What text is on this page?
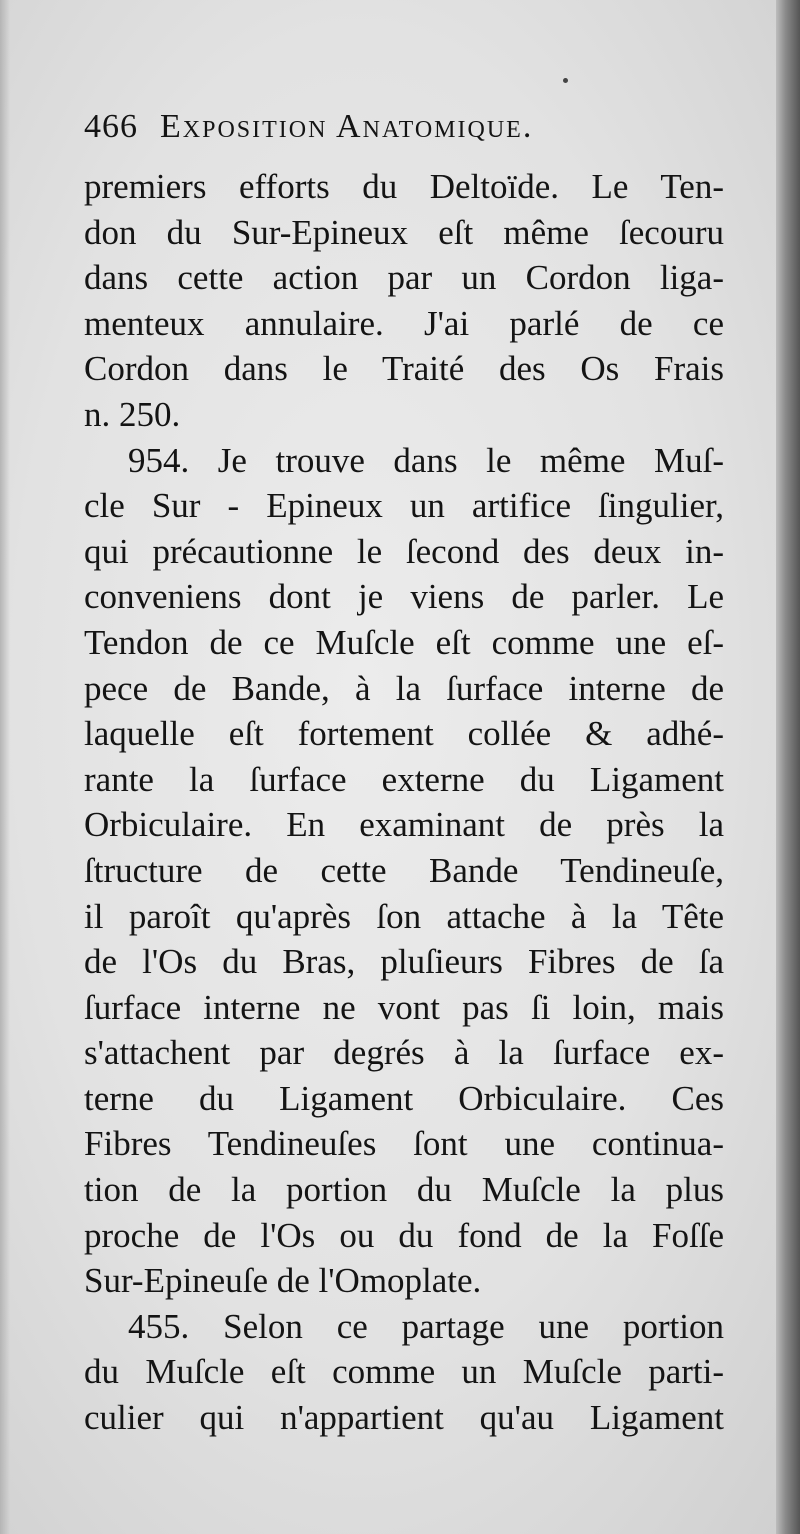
466 Exposition Anatomique.
premiers efforts du Deltoïde. Le Ten-
don du Sur-Epineux eſt même ſecouru
dans cette action par un Cordon liga-
menteux annulaire. J'ai parlé de ce
Cordon dans le Traité des Os Frais
n. 250.
954. Je trouve dans le même Muſ-
cle Sur - Epineux un artifice ſingulier,
qui précautionne le ſecond des deux in-
conveniens dont je viens de parler. Le
Tendon de ce Muſcle eſt comme une eſ-
pece de Bande, à la ſurface interne de
laquelle eſt fortement collée & adhé-
rante la ſurface externe du Ligament
Orbiculaire. En examinant de près la
ſtructure de cette Bande Tendineuſe,
il paroît qu'après ſon attache à la Tête
de l'Os du Bras, pluſieurs Fibres de ſa
ſurface interne ne vont pas ſi loin, mais
s'attachent par degrés à la ſurface ex-
terne du Ligament Orbiculaire. Ces
Fibres Tendineuſes ſont une continua-
tion de la portion du Muſcle la plus
proche de l'Os ou du fond de la Foſſe
Sur-Epineuſe de l'Omoplate.
455. Selon ce partage une portion
du Muſcle eſt comme un Muſcle parti-
culier qui n'appartient qu'au Ligament
